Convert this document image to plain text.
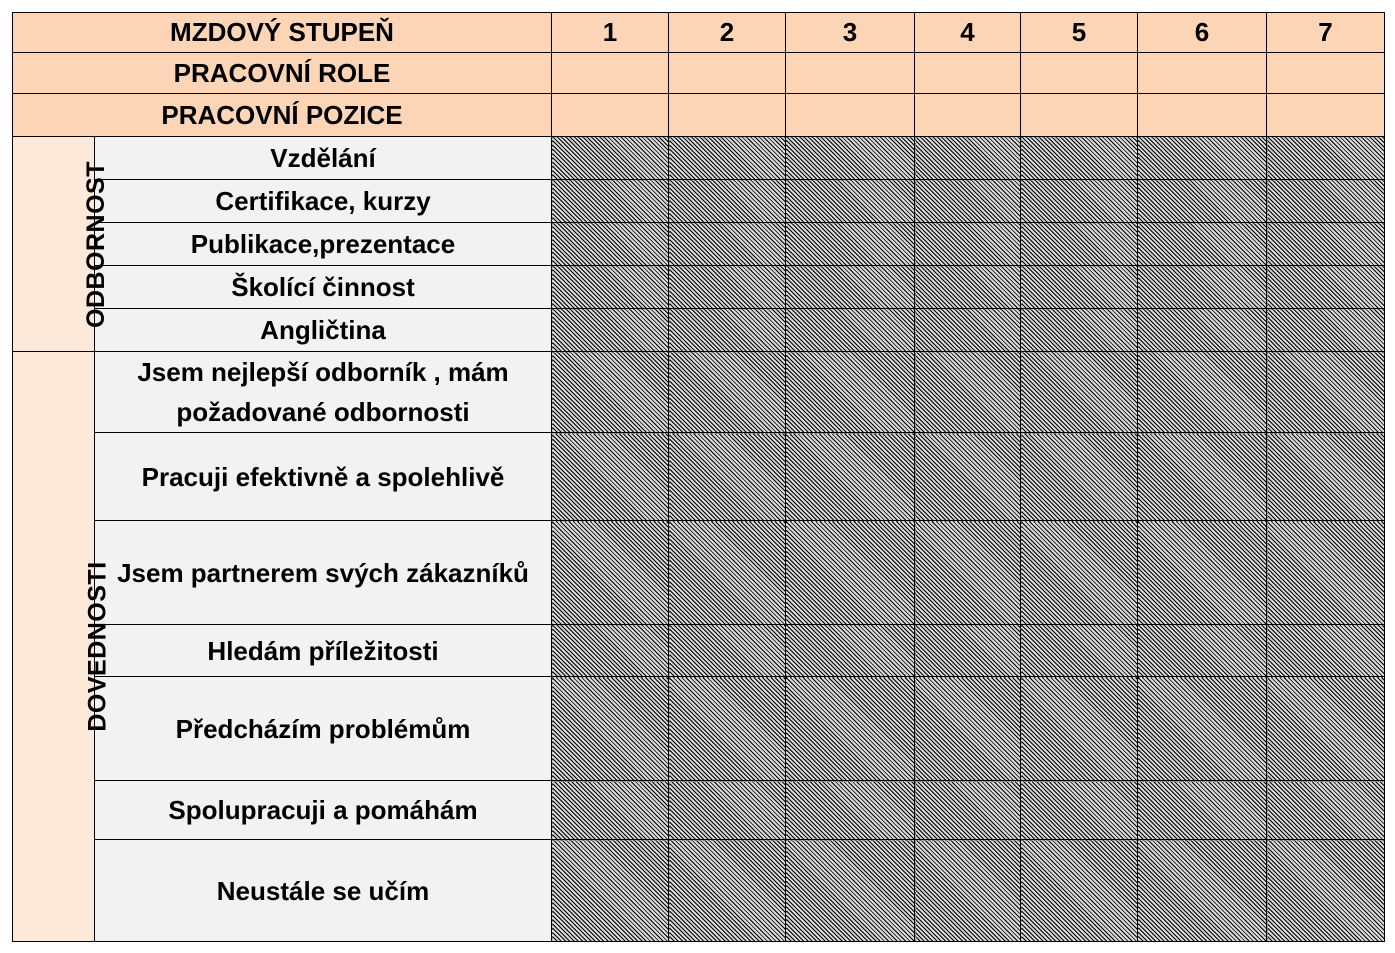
MZDOVÝ STUPEŇ		1	2	3	4	5	6	7
PRACOVNÍ ROLE								
PRACOVNÍ POZICE								
ODBORNOST	Vzdělání							
	Certifikace, kurzy							
	Publikace,prezentace							
	Školící činnost							
	Angličtina							
DOVEDNOSTI	Jsem nejlepší odborník , mám požadované odbornosti							
	Pracuji efektivně a spolehlivě							
	Jsem partnerem svých zákazníků							
	Hledám příležitosti							
	Předcházím problémům							
	Spolupracuji a pomáhám							
	Neustále se učím							
